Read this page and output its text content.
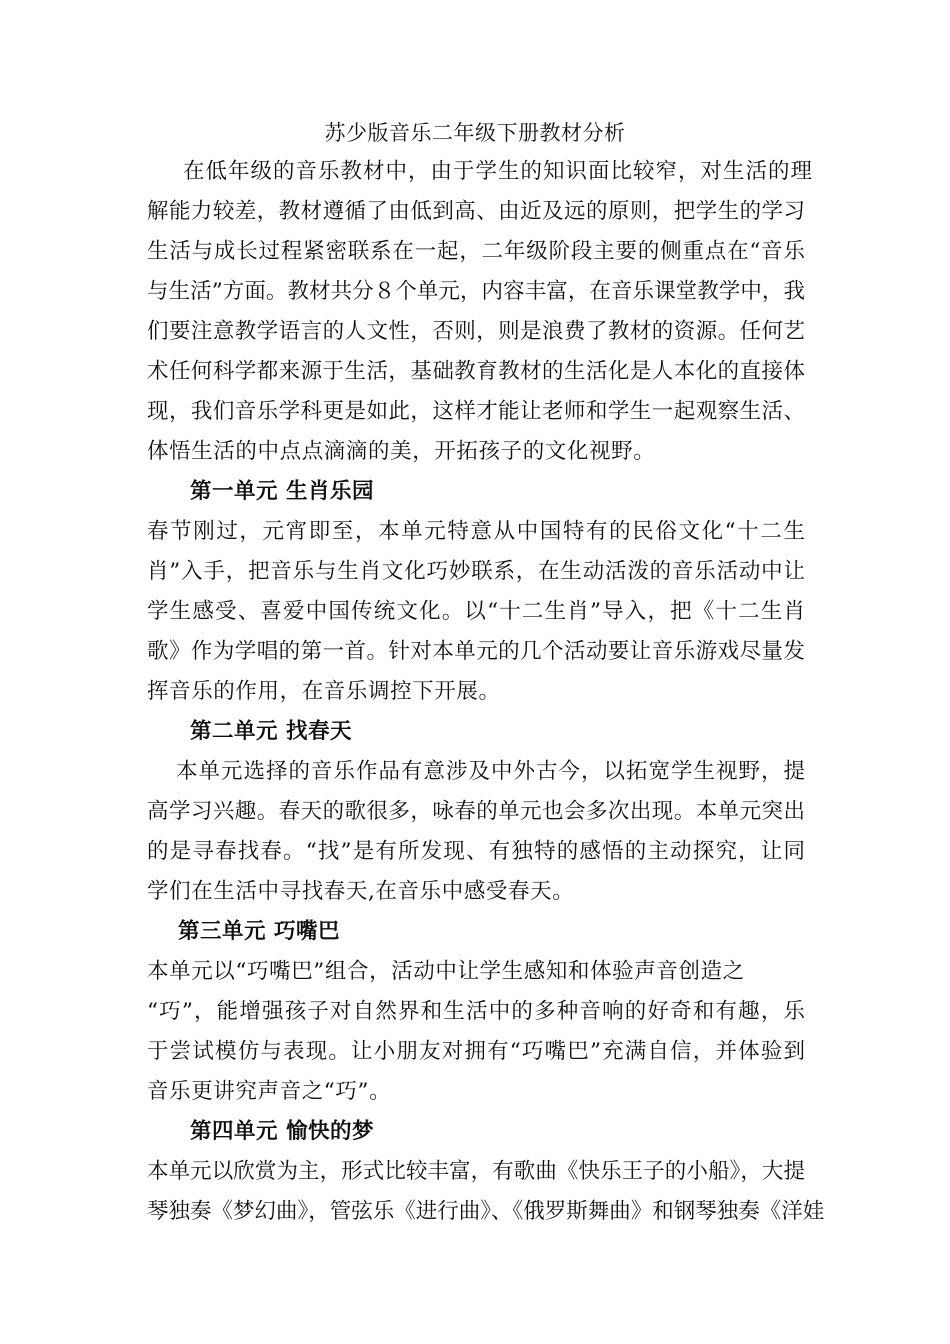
苏少版音乐二年级下册教材分析
在低年级的音乐教材中，由于学生的知识面比较窄，对生活的理
解能力较差，教材遵循了由低到高、由近及远的原则，把学生的学习
生活与成长过程紧密联系在一起，二年级阶段主要的侧重点在“音乐
与生活”方面。教材共分８个单元，内容丰富，在音乐课堂教学中，我
们要注意教学语言的人文性，否则，则是浪费了教材的资源。任何艺
术任何科学都来源于生活，基础教育教材的生活化是人本化的直接体
现，我们音乐学科更是如此，这样才能让老师和学生一起观察生活、
体悟生活的中点点滴滴的美，开拓孩子的文化视野。
第一单元 生肖乐园
春节刚过，元宵即至，本单元特意从中国特有的民俗文化“十二生
肖”入手，把音乐与生肖文化巧妙联系，在生动活泼的音乐活动中让
学生感受、喜爱中国传统文化。以“十二生肖”导入，把《十二生肖
歌》作为学唱的第一首。针对本单元的几个活动要让音乐游戏尽量发
挥音乐的作用，在音乐调控下开展。
第二单元 找春天
本单元选择的音乐作品有意涉及中外古今，以拓宽学生视野，提
高学习兴趣。春天的歌很多，咏春的单元也会多次出现。本单元突出
的是寻春找春。“找”是有所发现、有独特的感悟的主动探究，让同
学们在生活中寻找春天,在音乐中感受春天。
第三单元 巧嘴巴
本单元以“巧嘴巴”组合，活动中让学生感知和体验声音创造之
“巧”，能增强孩子对自然界和生活中的多种音响的好奇和有趣，乐
于尝试模仿与表现。让小朋友对拥有“巧嘴巴”充满自信，并体验到
音乐更讲究声音之“巧”。
第四单元 愉快的梦
本单元以欣赏为主，形式比较丰富，有歌曲《快乐王子的小船》，大提
琴独奏《梦幻曲》，管弦乐《进行曲》、《俄罗斯舞曲》和钢琴独奏《洋娃
